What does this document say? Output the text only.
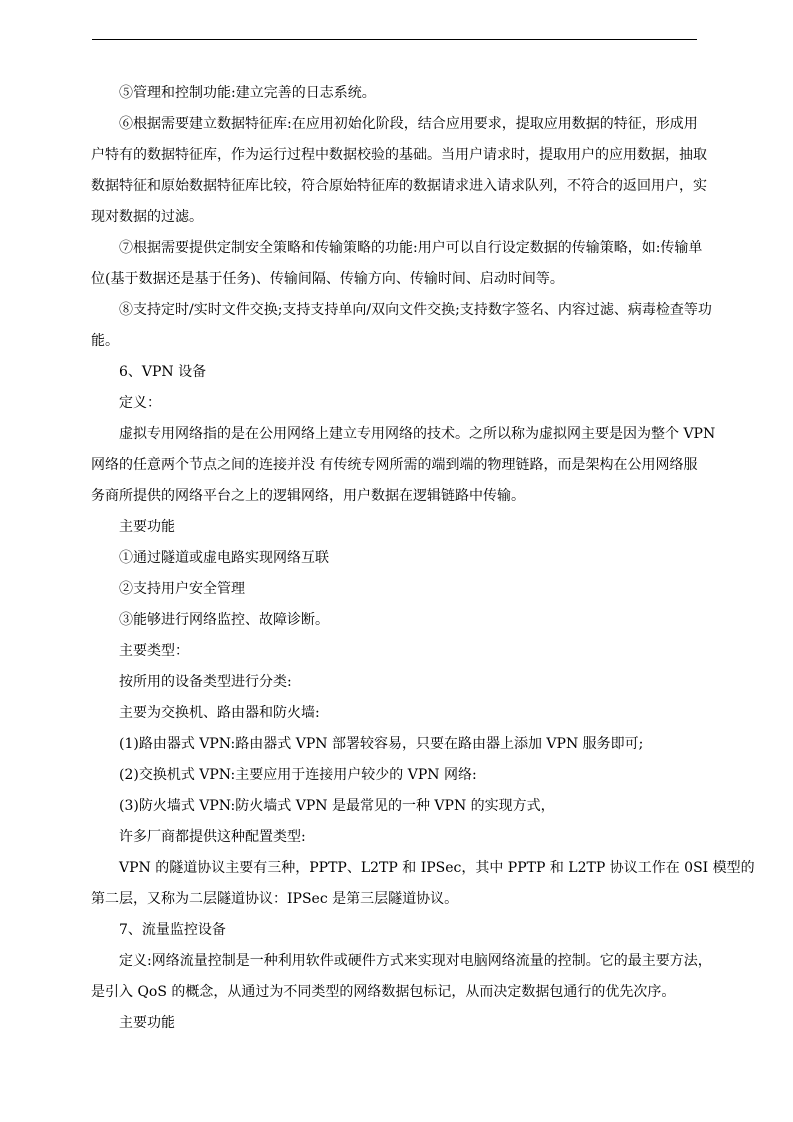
⑤管理和控制功能:建立完善的日志系统。

⑥根据需要建立数据特征库:在应用初始化阶段，结合应用要求，提取应用数据的特征，形成用
户特有的数据特征库，作为运行过程中数据校验的基础。当用户请求时，提取用户的应用数据，抽取
数据特征和原始数据特征库比较，符合原始特征库的数据请求进入请求队列，不符合的返回用户，实
现对数据的过滤。

⑦根据需要提供定制安全策略和传输策略的功能:用户可以自行设定数据的传输策略，如:传输单
位(基于数据还是基于任务)、传输间隔、传输方向、传输时间、启动时间等。

⑧支持定时/实时文件交换;支持支持单向/双向文件交换;支持数字签名、内容过滤、病毒检查等功
能。

6、VPN 设备

定义：

虚拟专用网络指的是在公用网络上建立专用网络的技术。之所以称为虚拟网主要是因为整个 VPN
网络的任意两个节点之间的连接并没 有传统专网所需的端到端的物理链路，而是架构在公用网络服
务商所提供的网络平台之上的逻辑网络，用户数据在逻辑链路中传输。

主要功能

①通过隧道或虚电路实现网络互联

②支持用户安全管理

③能够进行网络监控、故障诊断。

主要类型：

按所用的设备类型进行分类:

主要为交换机、路由器和防火墙:

(1)路由器式 VPN:路由器式 VPN 部署较容易，只要在路由器上添加 VPN 服务即可;

(2)交换机式 VPN:主要应用于连接用户较少的 VPN 网络:

(3)防火墙式 VPN:防火墙式 VPN 是最常见的一种 VPN 的实现方式，

许多厂商都提供这种配置类型:

VPN 的隧道协议主要有三种，PPTP、L2TP 和 IPSec，其中 PPTP 和 L2TP 协议工作在 0SI 模型的
第二层，又称为二层隧道协议：IPSec 是第三层隧道协议。

7、流量监控设备

定义:网络流量控制是一种利用软件或硬件方式来实现对电脑网络流量的控制。它的最主要方法，
是引入 QoS 的概念，从通过为不同类型的网络数据包标记，从而决定数据包通行的优先次序。

主要功能
